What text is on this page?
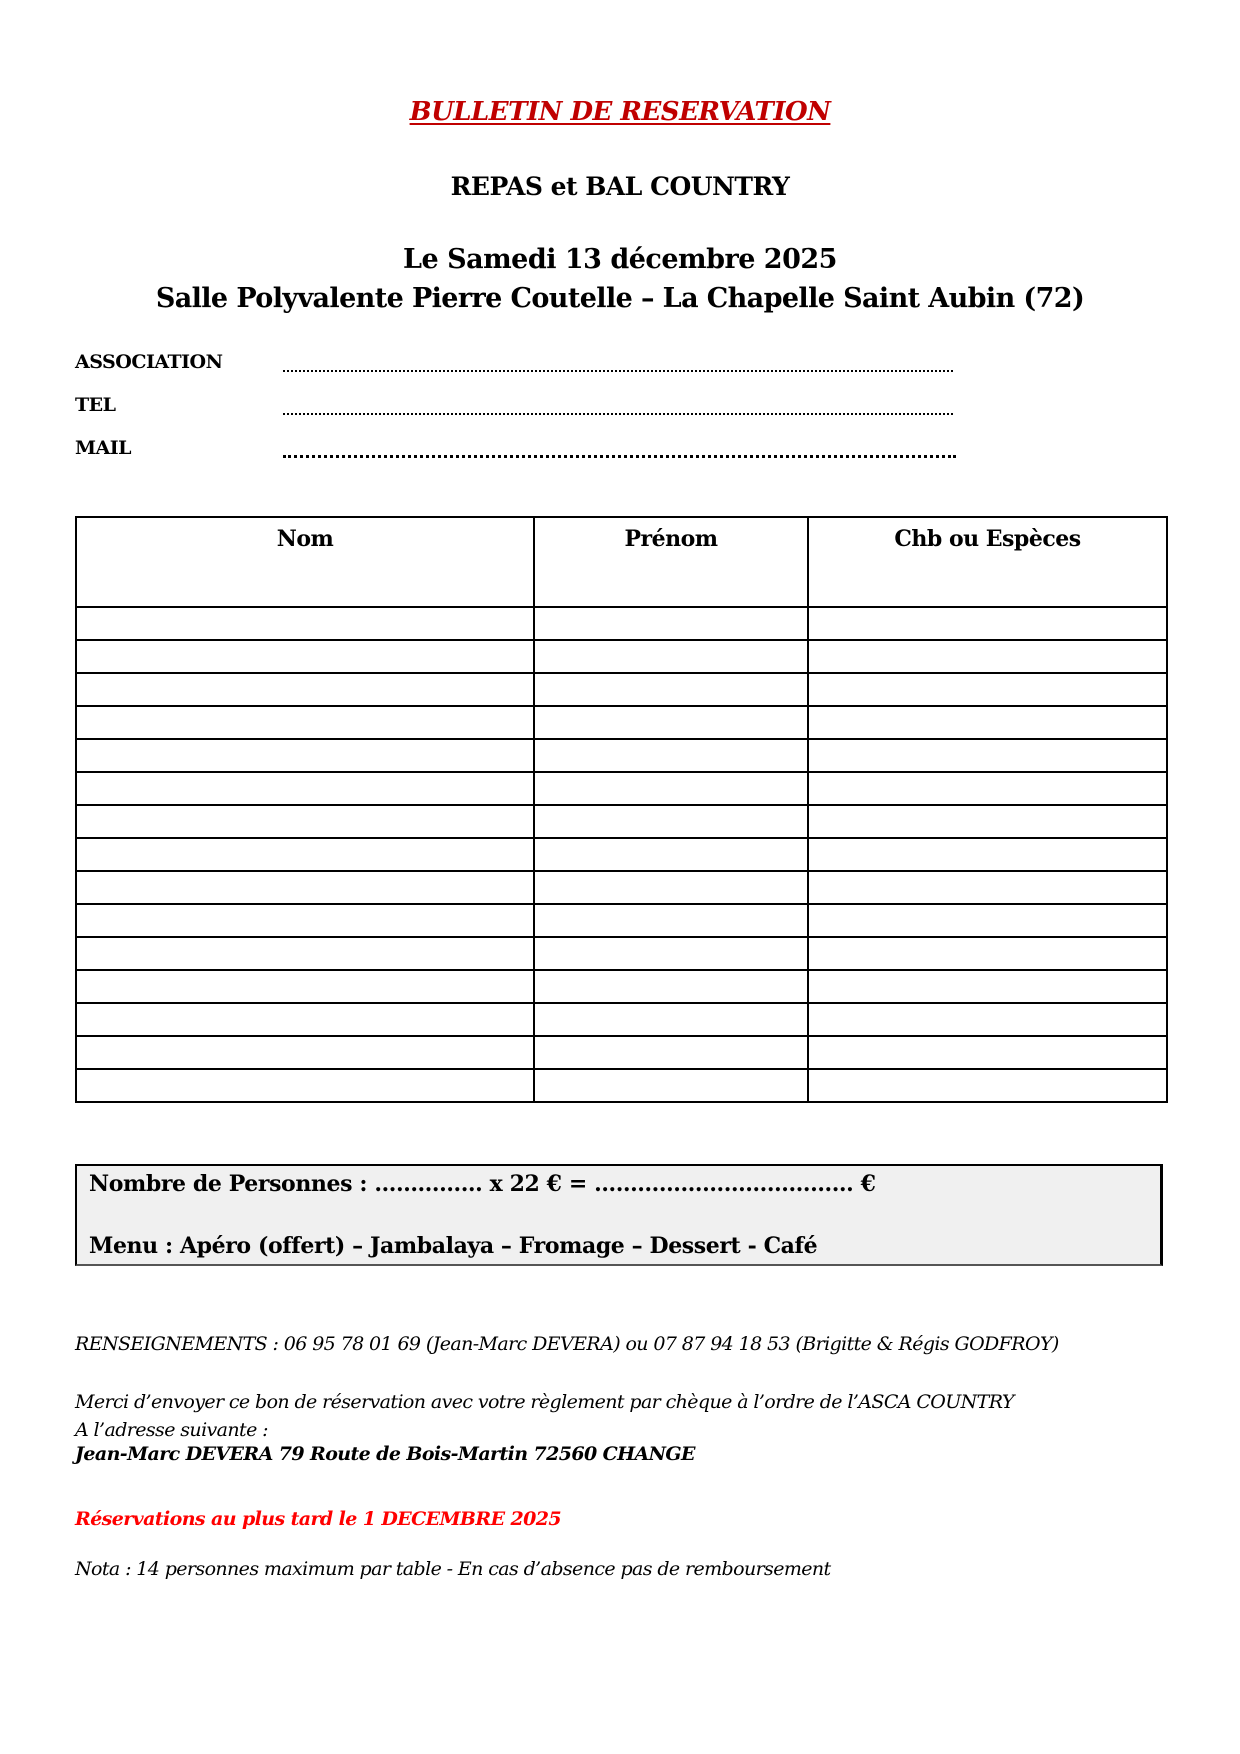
BULLETIN DE RESERVATION
REPAS et BAL COUNTRY
Le Samedi 13 décembre 2025
Salle Polyvalente Pierre Coutelle – La Chapelle Saint Aubin (72)
ASSOCIATION
TEL
MAIL
Nom	Prénom	Chb ou Espèces

Nombre de Personnes : …………… x 22 € = ……………………………… €
Menu : Apéro (offert) – Jambalaya – Fromage – Dessert - Café
RENSEIGNEMENTS : 06 95 78 01 69 (Jean-Marc DEVERA) ou 07 87 94 18 53 (Brigitte & Régis GODFROY)
Merci d’envoyer ce bon de réservation avec votre règlement par chèque à l’ordre de l’ASCA COUNTRY
A l’adresse suivante :
Jean-Marc DEVERA 79 Route de Bois-Martin 72560 CHANGE
Réservations au plus tard le 1 DECEMBRE 2025
Nota : 14 personnes maximum par table - En cas d’absence pas de remboursement
